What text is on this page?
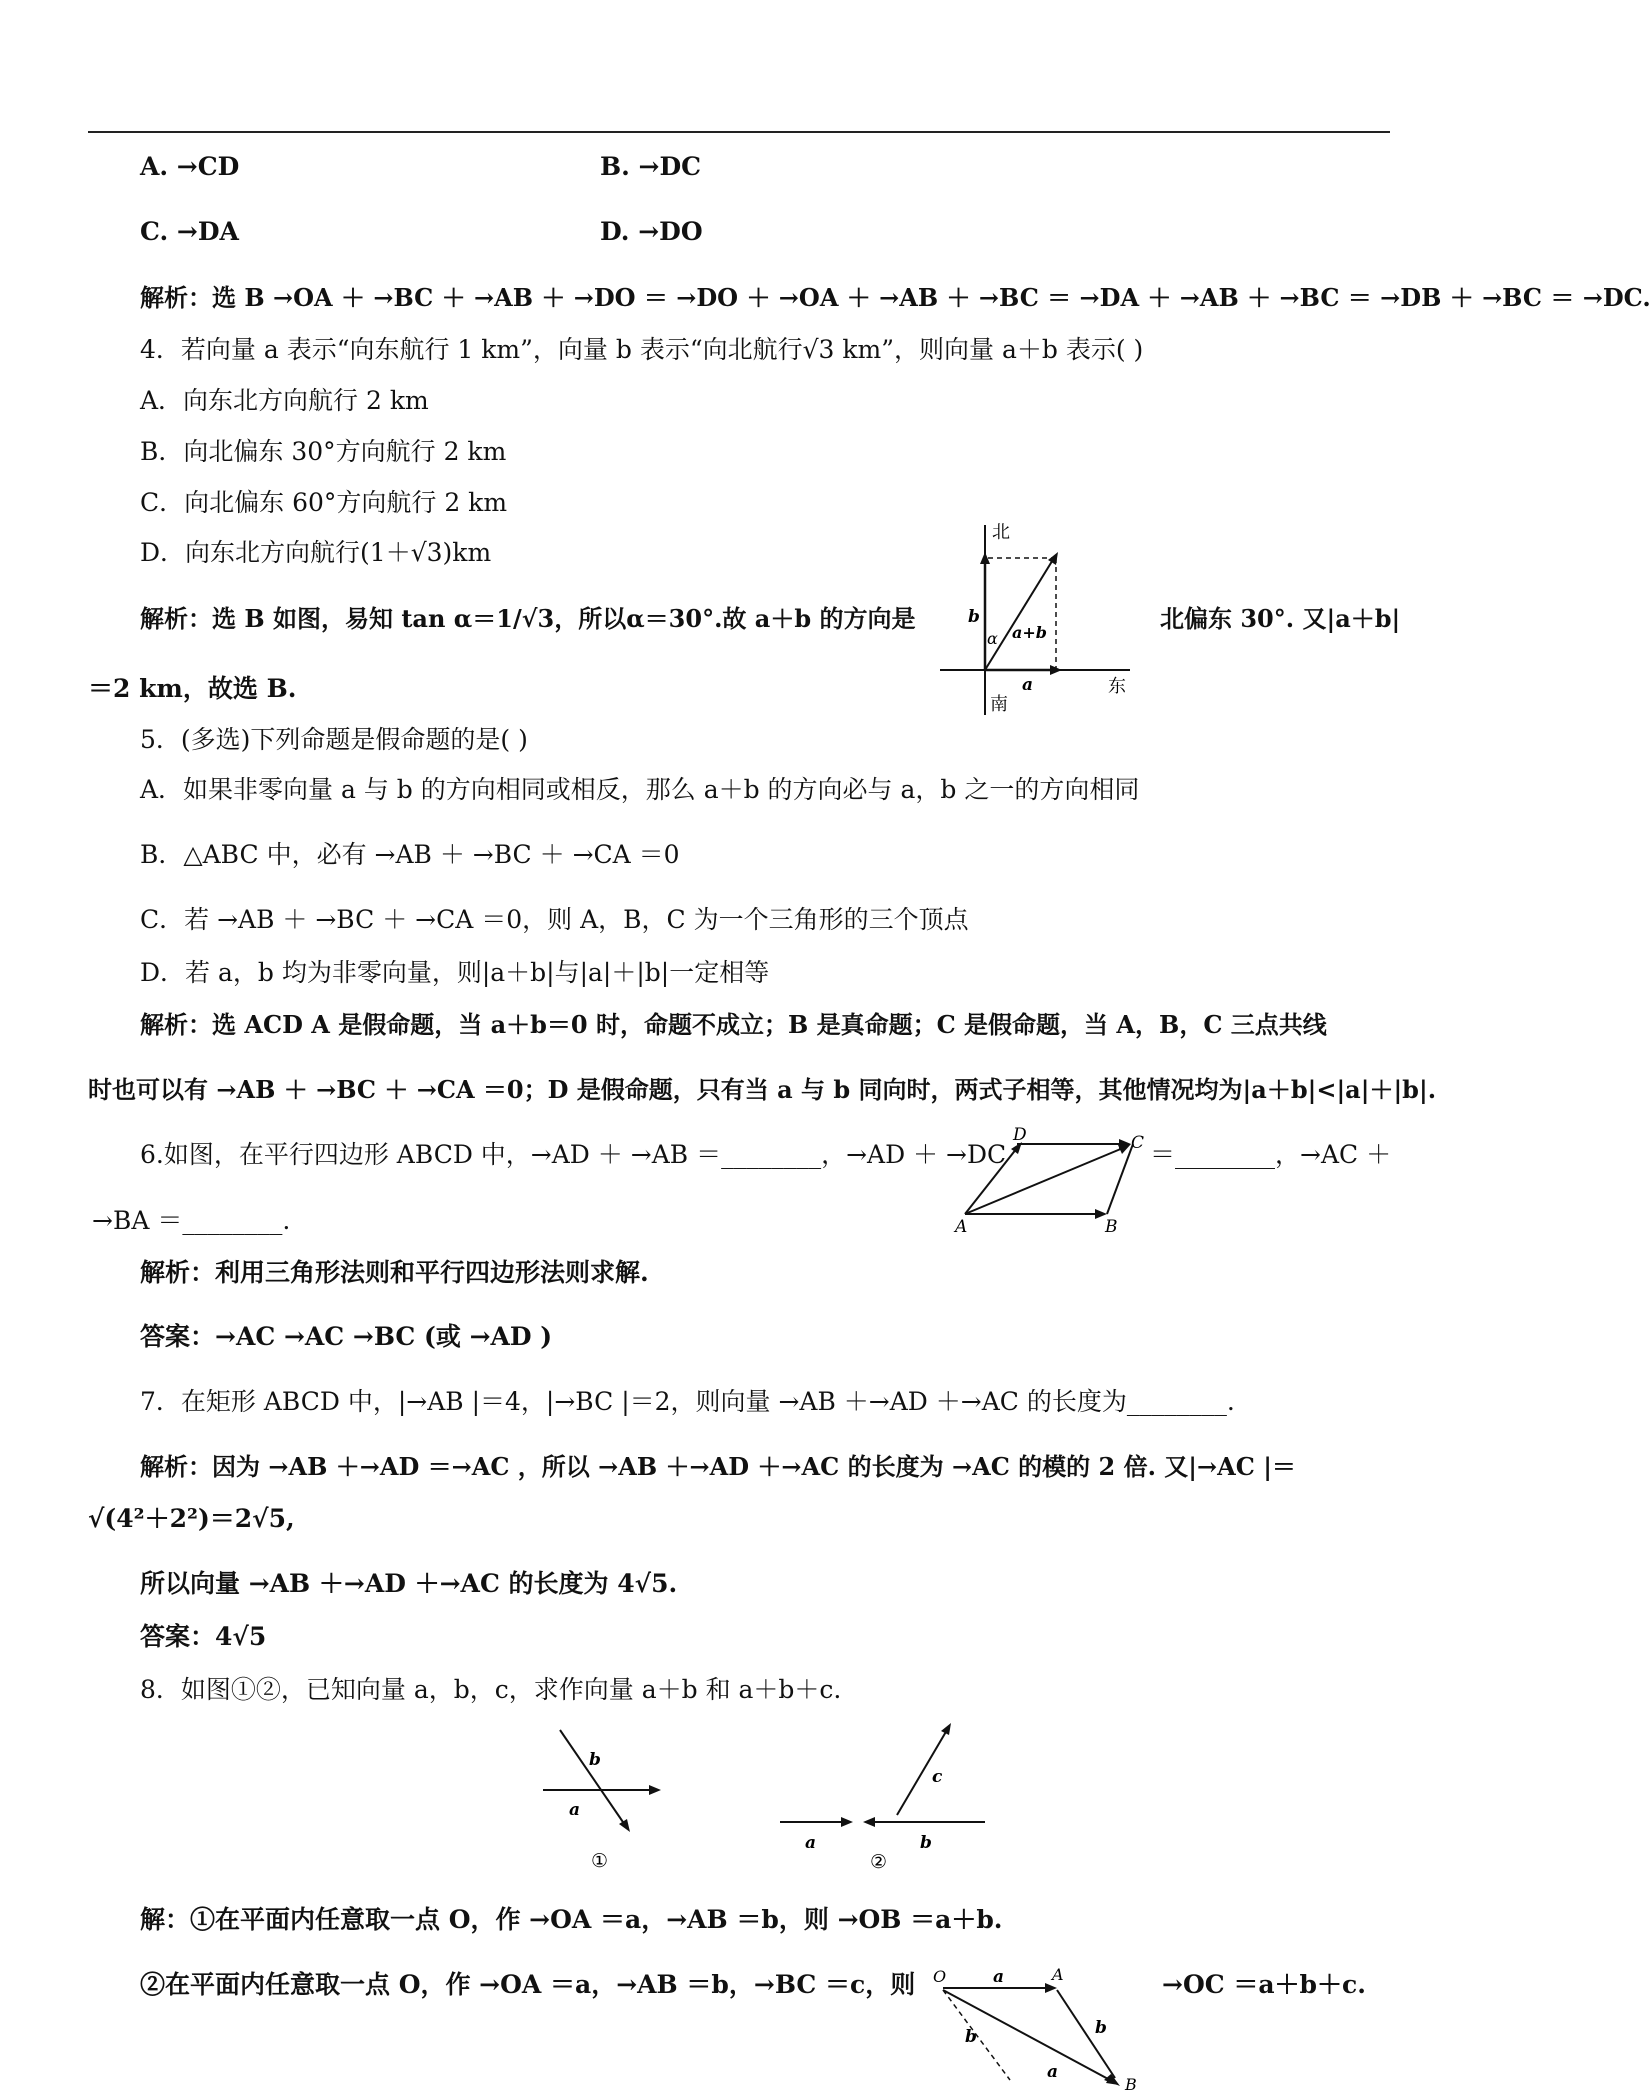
A. →CD	B. →DC
C. →DA	D. →DO
解析：选 B →OA ＋ →BC ＋ →AB ＋ →DO ＝ →DO ＋ →OA ＋ →AB ＋ →BC ＝ →DA ＋ →AB ＋ →BC ＝ →DB ＋ →BC ＝ →DC.
4．若向量 a 表示“向东航行 1 km”，向量 b 表示“向北航行√3 km”，则向量 a＋b 表示( )
A．向东北方向航行 2 km
B．向北偏东 30°方向航行 2 km
C．向北偏东 60°方向航行 2 km
D．向东北方向航行(1＋√3)km
解析：选 B 如图，易知 tan α＝1/√3，所以α＝30°.故 a＋b 的方向是	北偏东 30°. 又|a＋b|
＝2 km，故选 B.
北
南
东
b
a
a+b
α
5．(多选)下列命题是假命题的是( )
A．如果非零向量 a 与 b 的方向相同或相反，那么 a＋b 的方向必与 a，b 之一的方向相同
B．△ABC 中，必有 →AB ＋ →BC ＋ →CA ＝0
C．若 →AB ＋ →BC ＋ →CA ＝0，则 A，B，C 为一个三角形的三个顶点
D．若 a，b 均为非零向量，则|a＋b|与|a|＋|b|一定相等
解析：选 ACD A 是假命题，当 a＋b＝0 时，命题不成立；B 是真命题；C 是假命题，当 A，B，C 三点共线
时也可以有 →AB ＋ →BC ＋ →CA ＝0；D 是假命题，只有当 a 与 b 同向时，两式子相等，其他情况均为|a＋b|<|a|＋|b|.
6.如图，在平行四边形 ABCD 中，→AD ＋ →AB ＝________，→AD ＋ →DC	＝________，→AC ＋
→BA ＝________.
解析：利用三角形法则和平行四边形法则求解.
答案：→AC →AC →BC (或 →AD )
A	B
C
D
7．在矩形 ABCD 中，|→AB |＝4，|→BC |＝2，则向量 →AB ＋→AD ＋→AC 的长度为________.
解析：因为 →AB ＋→AD ＝→AC ，所以 →AB ＋→AD ＋→AC 的长度为 →AC 的模的 2 倍. 又|→AC |＝
√(4²＋2²)＝2√5,
所以向量 →AB ＋→AD ＋→AC 的长度为 4√5.
答案：4√5
8．如图①②，已知向量 a，b，c，求作向量 a＋b 和 a＋b＋c.
b
a
①
a	b
c
②
解：①在平面内任意取一点 O，作 →OA ＝a，→AB ＝b，则 →OB ＝a＋b.
②在平面内任意取一点 O，作 →OA ＝a，→AB ＝b，→BC ＝c，则	→OC ＝a＋b＋c.
O	A
B
a
b
b
a
